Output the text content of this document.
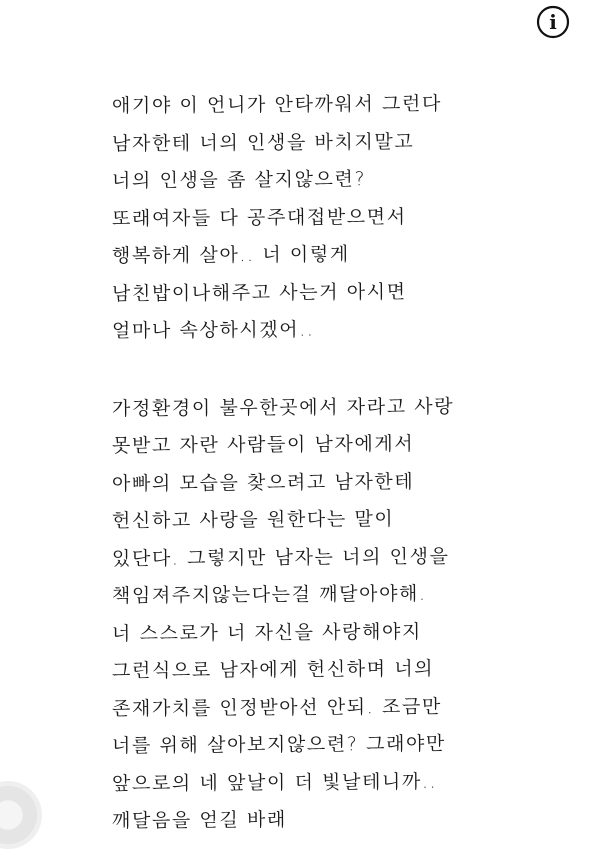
i
애기야 이 언니가 안타까워서 그런다
남자한테 너의 인생을 바치지말고
너의 인생을 좀 살지않으련?
또래여자들 다 공주대접받으면서
행복하게 살아.. 너 이렇게
남친밥이나해주고 사는거 아시면
얼마나 속상하시겠어..
가정환경이 불우한곳에서 자라고 사랑
못받고 자란 사람들이 남자에게서
아빠의 모습을 찾으려고 남자한테
헌신하고 사랑을 원한다는 말이
있단다. 그렇지만 남자는 너의 인생을
책임져주지않는다는걸 깨달아야해.
너 스스로가 너 자신을 사랑해야지
그런식으로 남자에게 헌신하며 너의
존재가치를 인정받아선 안되. 조금만
너를 위해 살아보지않으련? 그래야만
앞으로의 네 앞날이 더 빛날테니까..
깨달음을 얻길 바래
